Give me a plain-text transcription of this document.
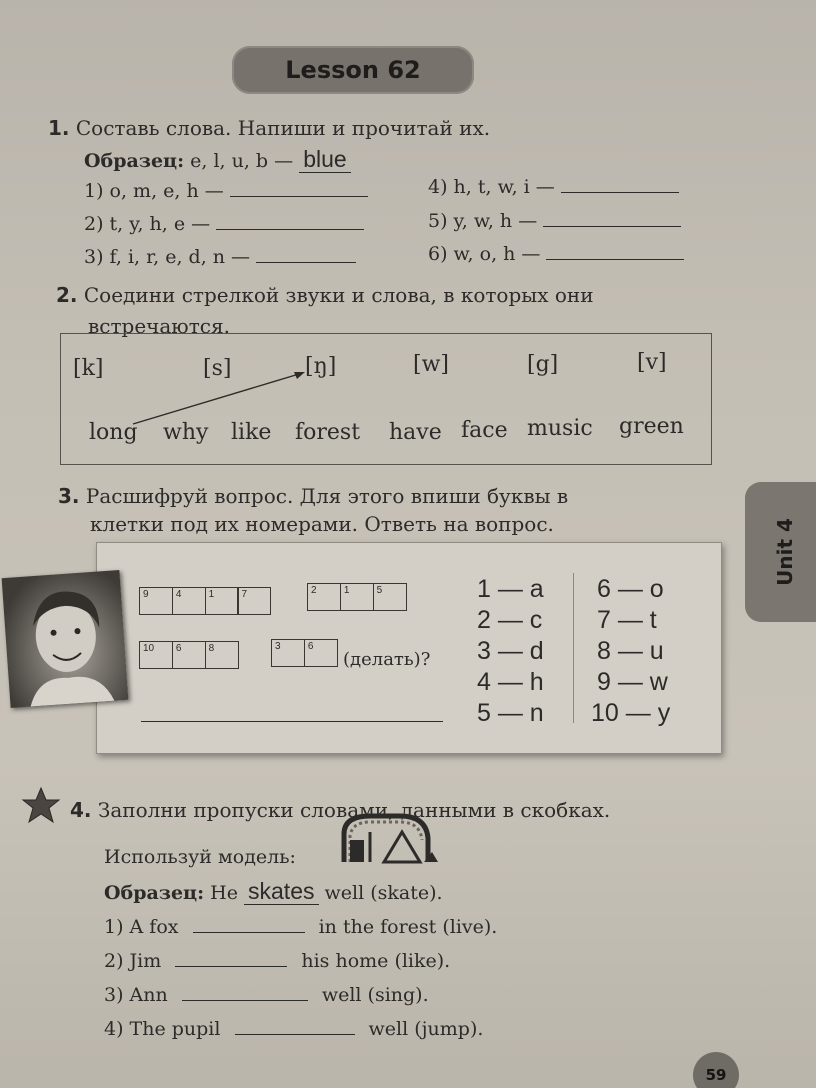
Lesson 62
Unit 4
1. Составь слова. Напиши и прочитай их.
Образец: e, l, u, b — blue
1) o, m, e, h —
2) t, y, h, e —
3) f, i, r, e, d, n —
4) h, t, w, i —
5) y, w, h —
6) w, o, h —
2. Соедини стрелкой звуки и слова, в которых они
встречаются.
[k]	[s]	[ŋ]	[w]	[g]	[v]
long why like forest have face music green
3. Расшифруй вопрос. Для этого впиши буквы в
клетки под их номерами. Ответь на вопрос.
9	4	1	7	2	1	5
10 6	8	3	6
(делать)?
1 — a
2 — c
3 — d
4 — h
5 — n
6 — o
7 — t
8 — u
9 — w
10 — y
4. Заполни пропуски словами, данными в скобках.
Используй модель:
Образец: He skates well (skate).
1) A fox	in the forest (live).
2) Jim	his home (like).
3) Ann	well (sing).
4) The pupil	well (jump).
59
